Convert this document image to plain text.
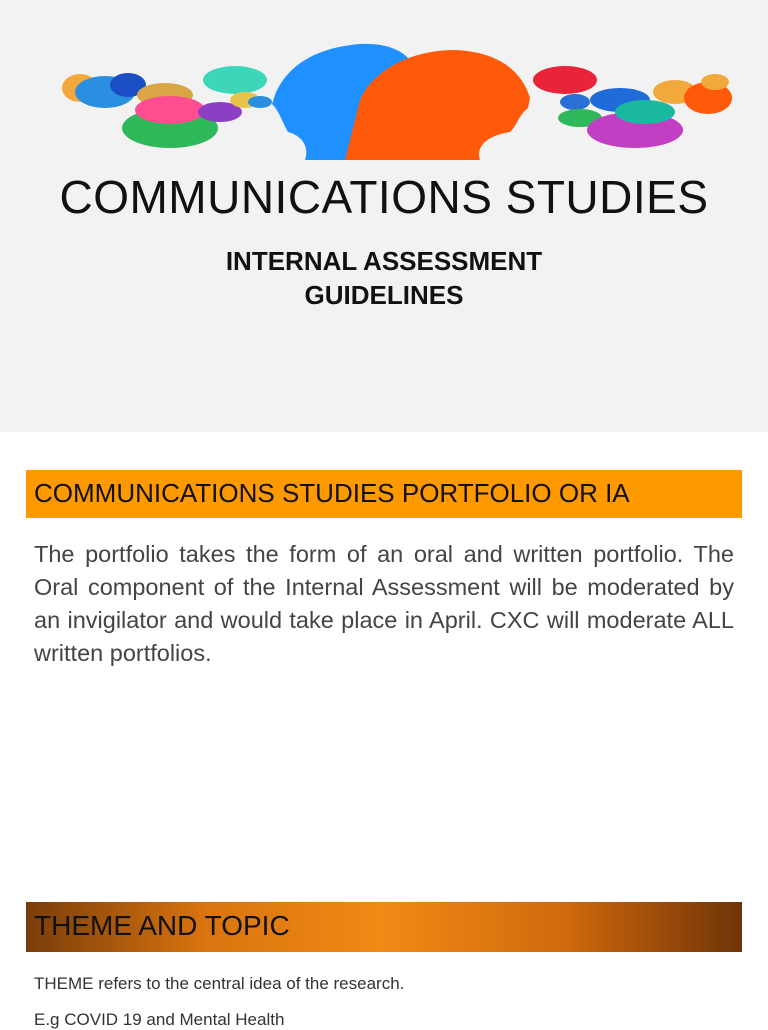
COMMUNICATIONS STUDIES
INTERNAL ASSESSMENT
GUIDELINES
COMMUNICATIONS STUDIES PORTFOLIO OR IA
The portfolio takes the form of an oral and written portfolio. The Oral component of the Internal Assessment will be moderated by an invigilator and would take place in April. CXC will moderate ALL written portfolios.
THEME AND TOPIC
THEME refers to the central idea of the research.
E.g COVID 19 and Mental Health
